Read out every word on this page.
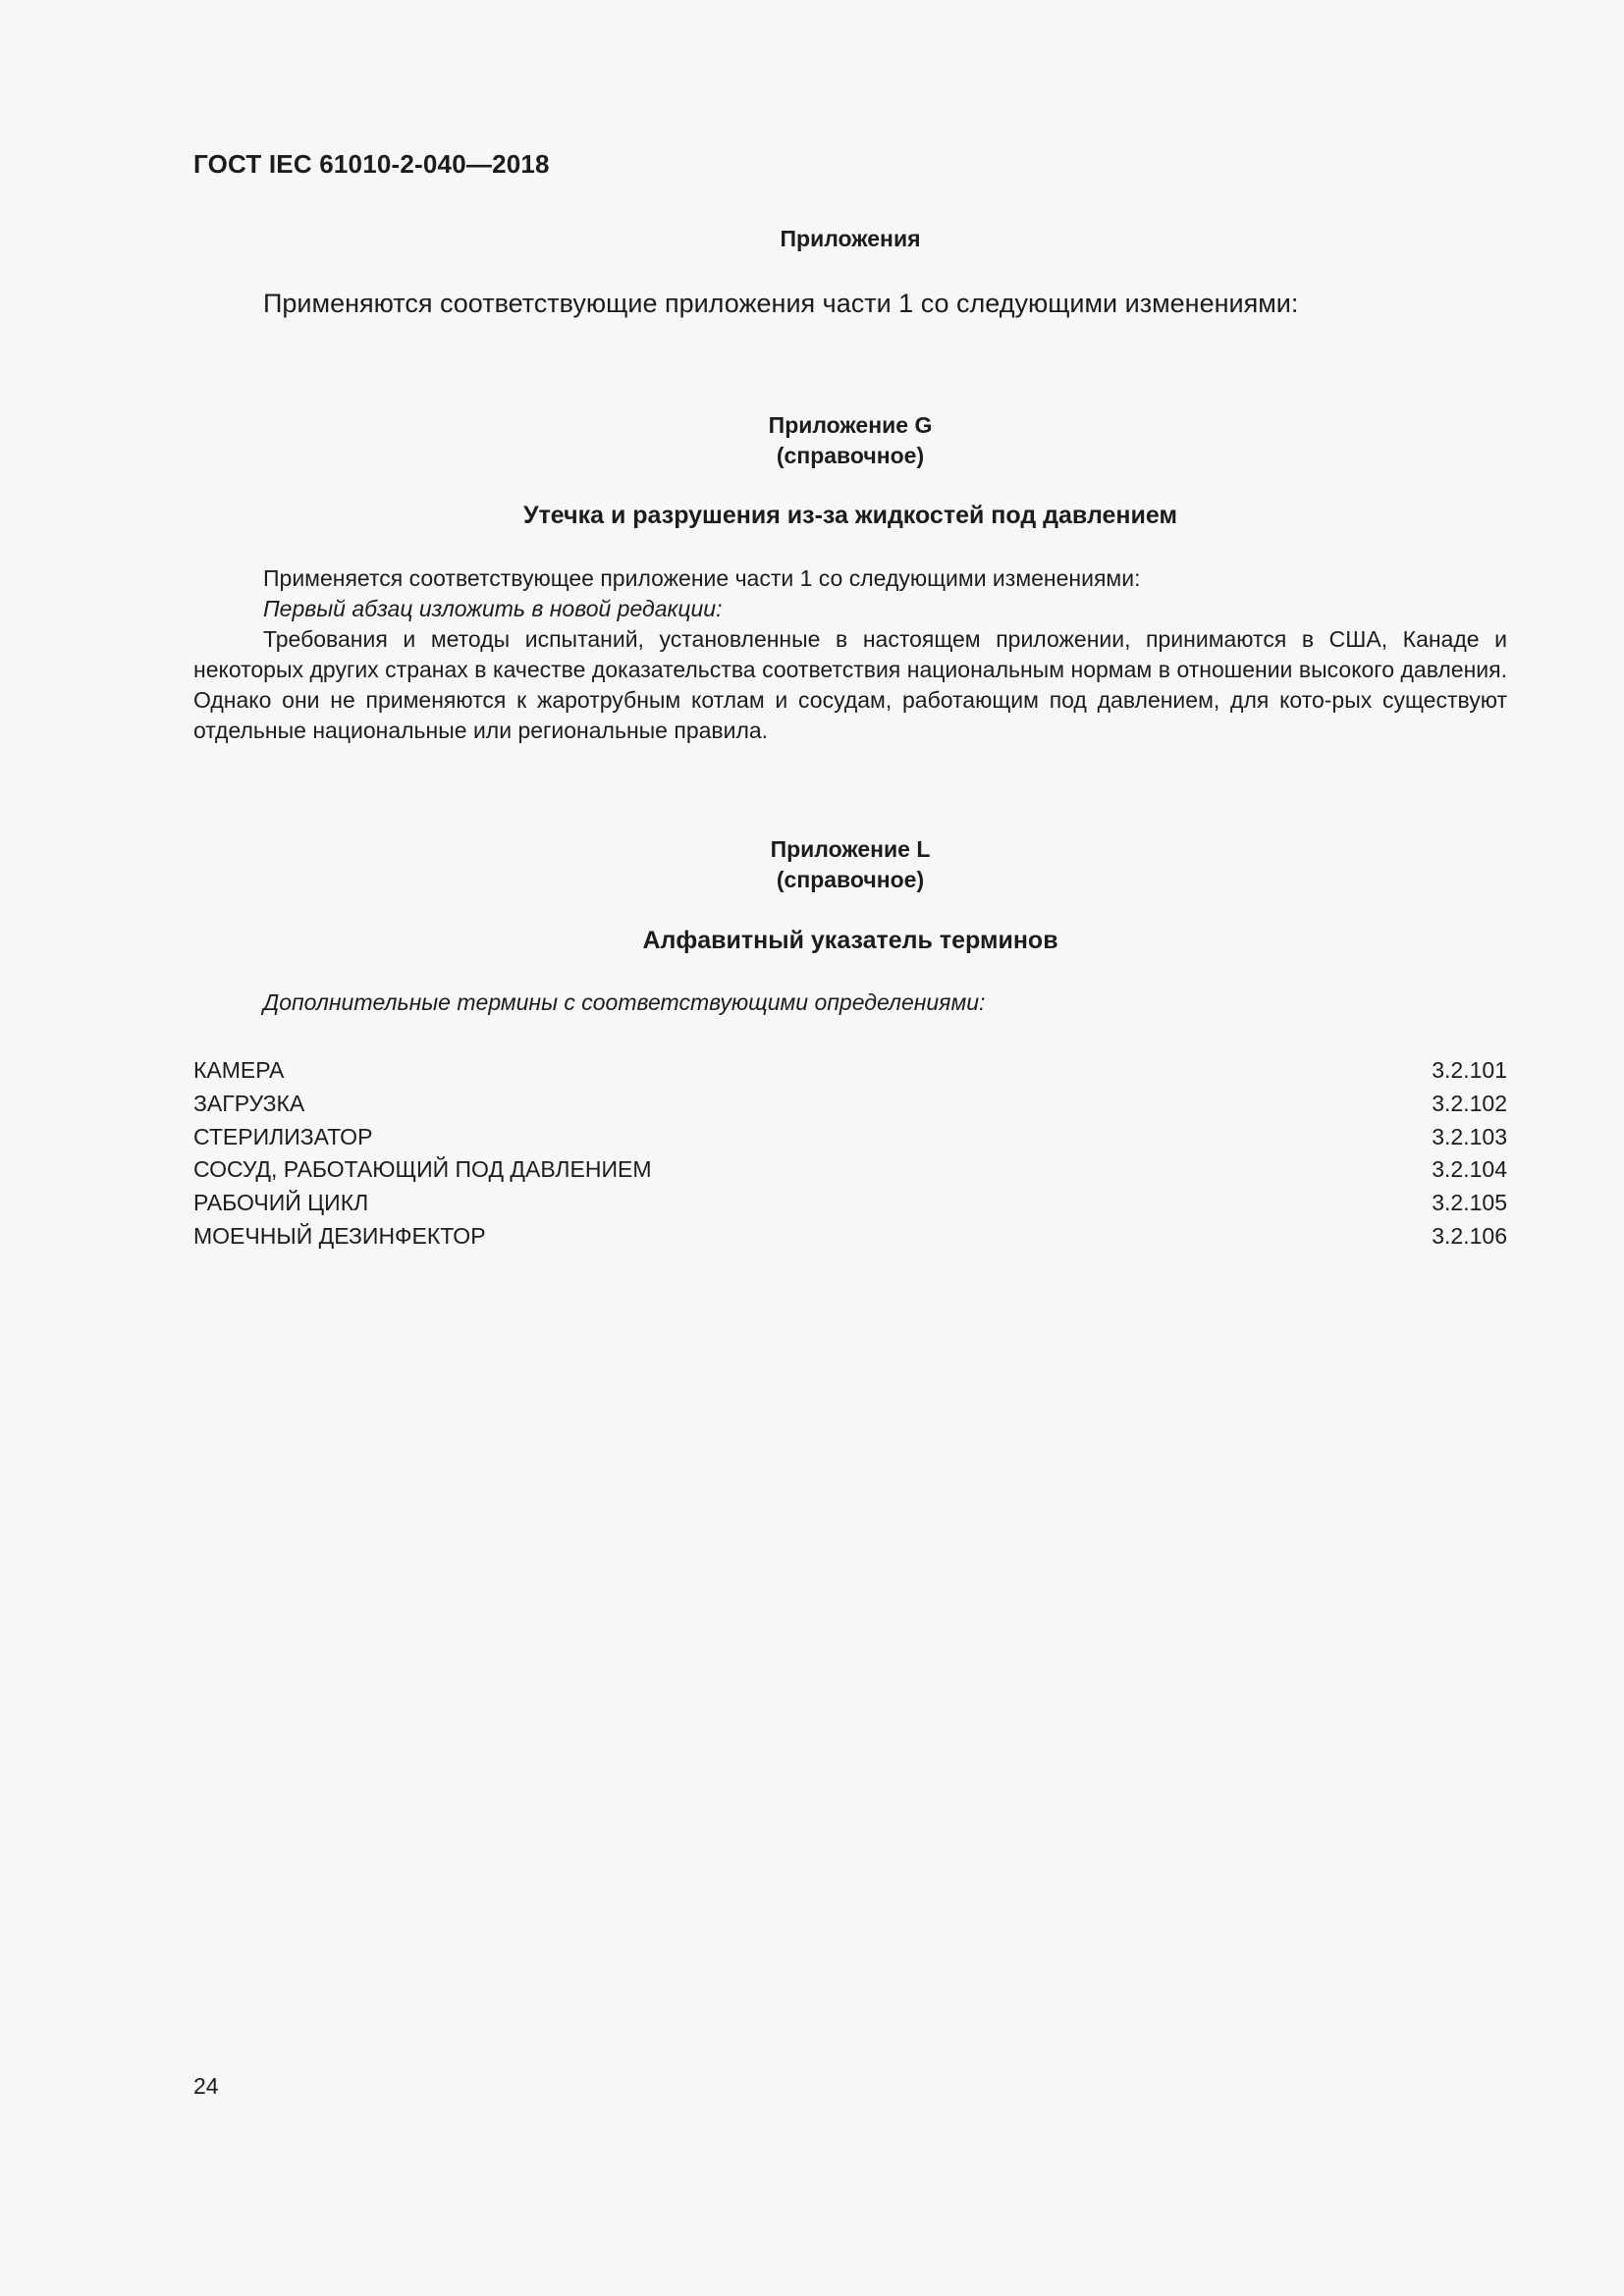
ГОСТ IEC 61010-2-040—2018
Приложения
Применяются соответствующие приложения части 1 со следующими изменениями:
Приложение G
(справочное)
Утечка и разрушения из-за жидкостей под давлением
Применяется соответствующее приложение части 1 со следующими изменениями:
Первый абзац изложить в новой редакции:
Требования и методы испытаний, установленные в настоящем приложении, принимаются в США, Канаде и некоторых других странах в качестве доказательства соответствия национальным нормам в отношении высокого давления. Однако они не применяются к жаротрубным котлам и сосудам, работающим под давлением, для кото-рых существуют отдельные национальные или региональные правила.
Приложение L
(справочное)
Алфавитный указатель терминов
Дополнительные термины с соответствующими определениями:
КАМЕРА	3.2.101
ЗАГРУЗКА	3.2.102
СТЕРИЛИЗАТОР	3.2.103
СОСУД, РАБОТАЮЩИЙ ПОД ДАВЛЕНИЕМ	3.2.104
РАБОЧИЙ ЦИКЛ	3.2.105
МОЕЧНЫЙ ДЕЗИНФЕКТОР	3.2.106
24
